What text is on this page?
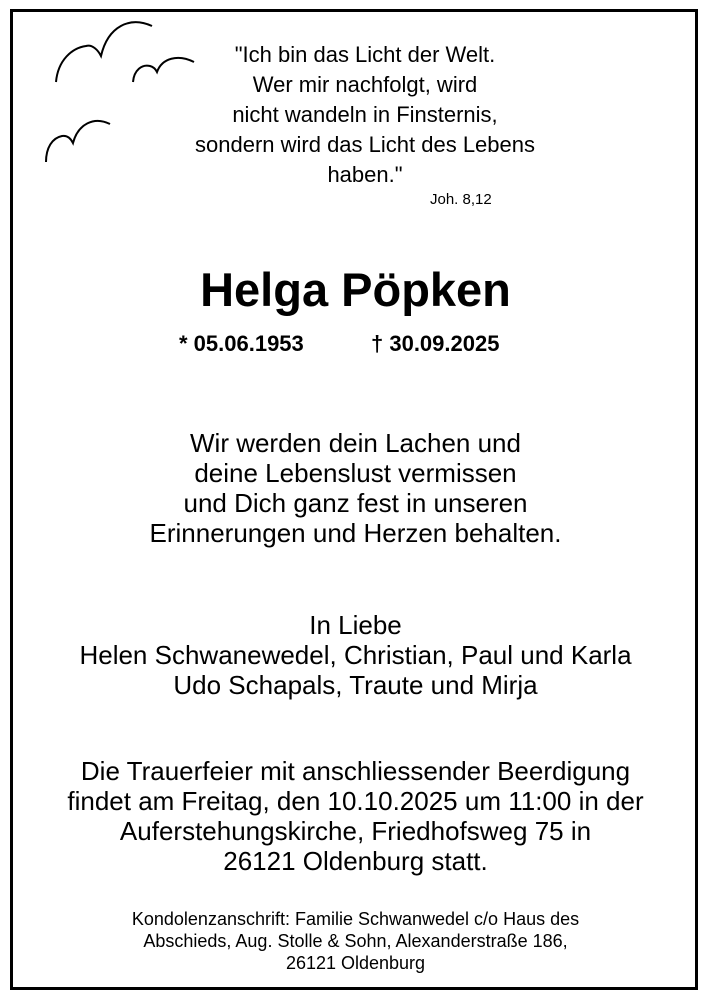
"Ich bin das Licht der Welt.
Wer mir nachfolgt, wird
nicht wandeln in Finsternis,
sondern wird das Licht des Lebens
haben."
Joh. 8,12
Helga Pöpken
* 05.06.1953	† 30.09.2025
Wir werden dein Lachen und
deine Lebenslust vermissen
und Dich ganz fest in unseren
Erinnerungen und Herzen behalten.
In Liebe
Helen Schwanewedel, Christian, Paul und Karla
Udo Schapals, Traute und Mirja
Die Trauerfeier mit anschliessender Beerdigung
findet am Freitag, den 10.10.2025 um 11:00 in der
Auferstehungskirche, Friedhofsweg 75 in
26121 Oldenburg statt.
Kondolenzanschrift: Familie Schwanwedel c/o Haus des
Abschieds, Aug. Stolle & Sohn, Alexanderstraße 186,
26121 Oldenburg
